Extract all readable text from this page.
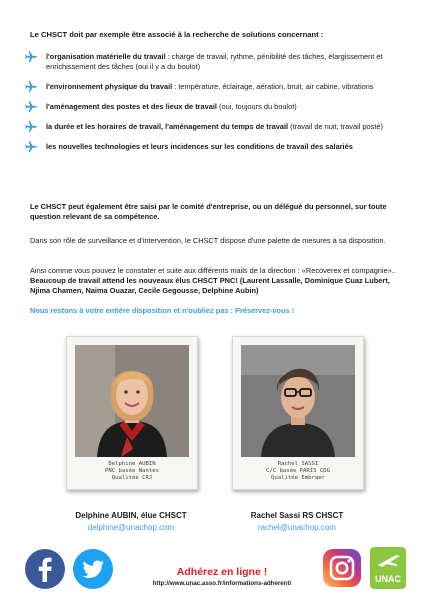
Le CHSCT doit par exemple être associé à la recherche de solutions concernant :
l'organisation matérielle du travail : charge de travail, rythme, pénibilité des tâches, élargissement et enrichissement des tâches (oui il y a du boulot)
l'environnement physique du travail : température, éclairage, aération, bruit, air cabine, vibrations
l'aménagement des postes et des lieux de travail (oui, toujours du boulot)
la durée et les horaires de travail, l'aménagement du temps de travail (travail de nuit, travail posté)
les nouvelles technologies et leurs incidences sur les conditions de travail des salariés
Le CHSCT peut également être saisi par le comité d'entreprise, ou un délégué du personnel, sur toute question relevant de sa compétence.
Dans son rôle de surveillance et d'intervention, le CHSCT dispose d'une palette de mesures à sa disposition.
Ainsi comme vous pouvez le constater et suite aux différents mails de la direction : «Recoverex et compagnie».. Beaucoup de travail attend les nouveaux élus CHSCT PNC! (Laurent Lassalle, Dominique Cuaz Lubert, Njima Chamen, Naima Ouazar, Cecile Gegousse, Delphine Aubin)
Nous restons à votre entière disposition et n'oubliez pas : Préservez-vous !
Delphine AUBIN
PNC basée Nantes
Qualitée CRJ
Rachel SASSI
C/C basée PARIS CDG
Qualitée Embraer
Delphine AUBIN, élue CHSCT
delphine@unachop.com
Rachel Sassi RS CHSCT
rachel@unachop.com
UNAC
Adhérez en ligne !
http://www.unac.asso.fr/informations-adherent/
